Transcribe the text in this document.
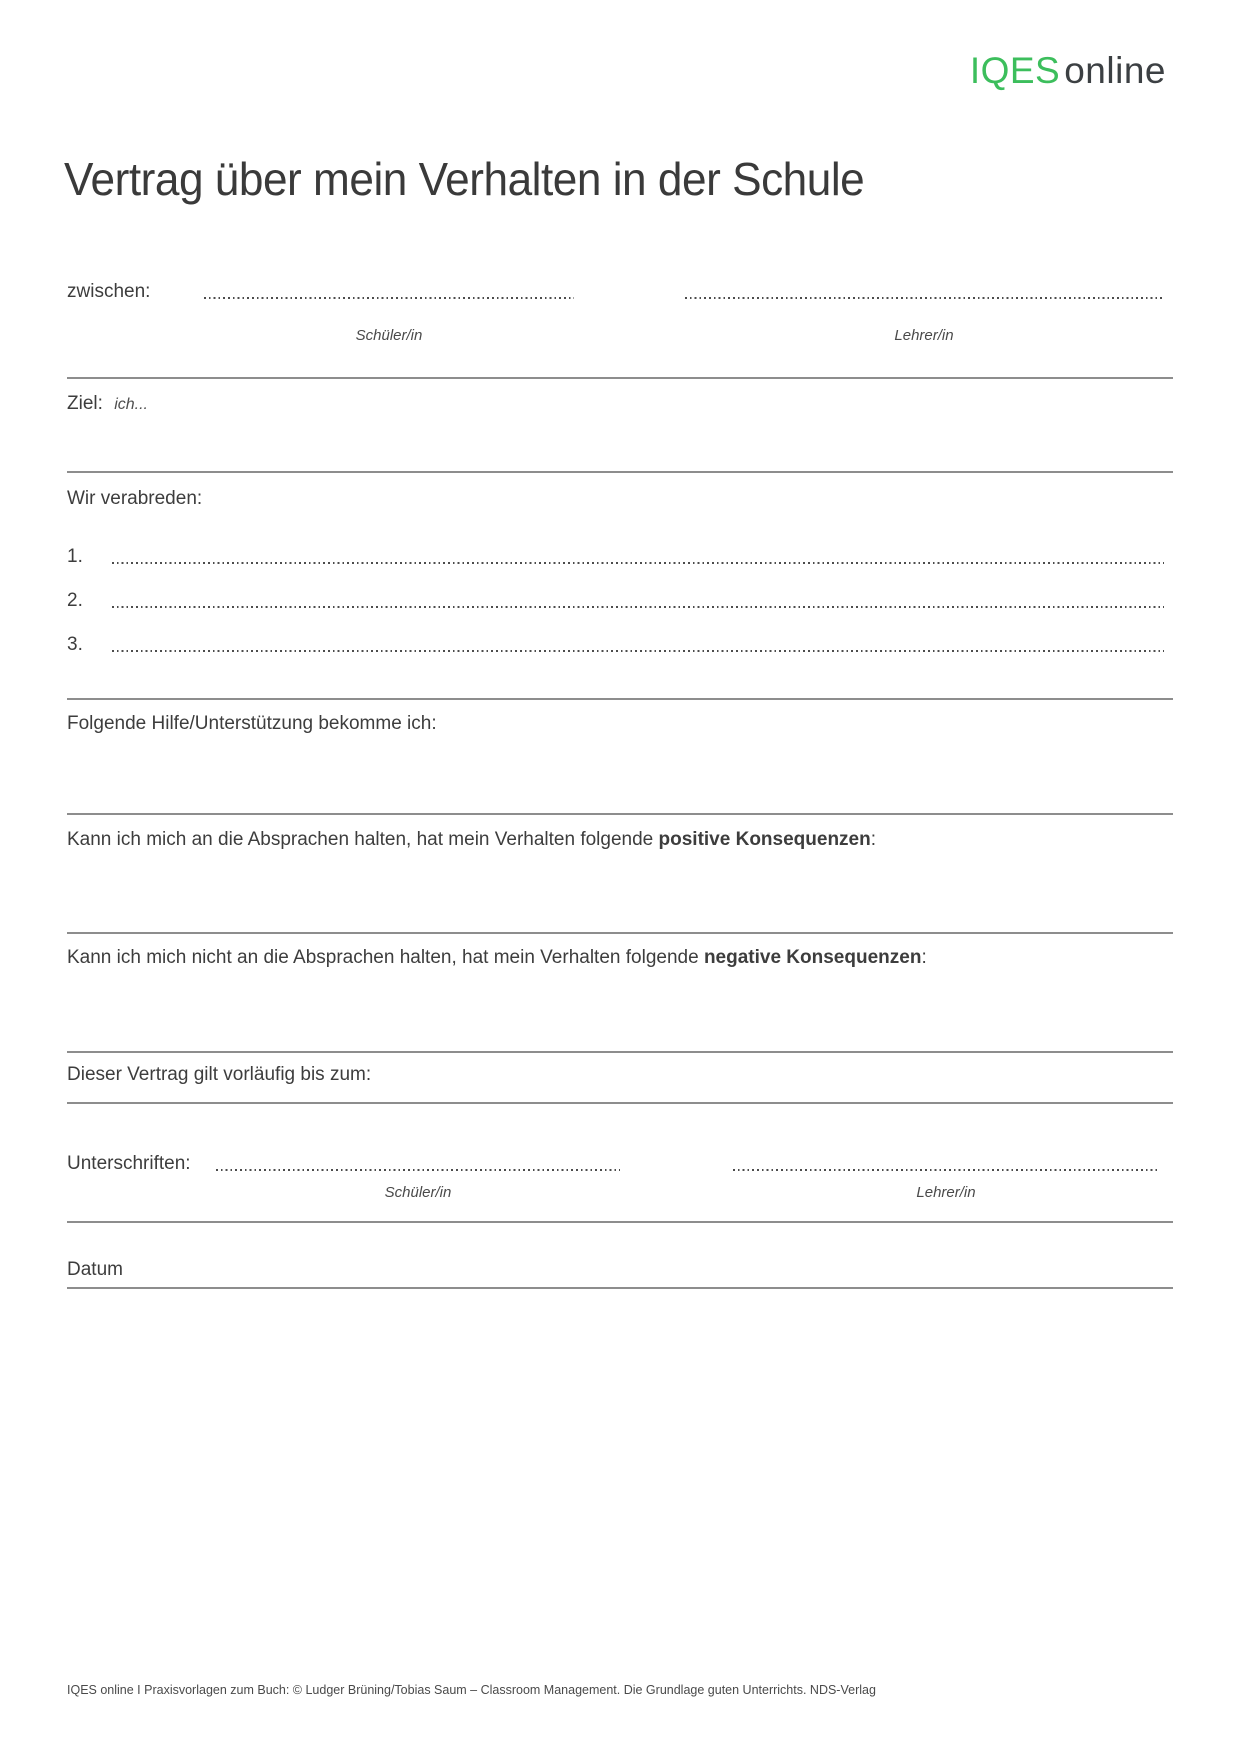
IQES online
Vertrag über mein Verhalten in der Schule
zwischen:
Schüler/in	Lehrer/in
Ziel: ich...
Wir verabreden:
1.
2.
3.
Folgende Hilfe/Unterstützung bekomme ich:
Kann ich mich an die Absprachen halten, hat mein Verhalten folgende positive Konsequenzen:
Kann ich mich nicht an die Absprachen halten, hat mein Verhalten folgende negative Konsequenzen:
Dieser Vertrag gilt vorläufig bis zum:
Unterschriften:
Schüler/in	Lehrer/in
Datum
IQES online I Praxisvorlagen zum Buch: © Ludger Brüning/Tobias Saum – Classroom Management. Die Grundlage guten Unterrichts. NDS-Verlag
